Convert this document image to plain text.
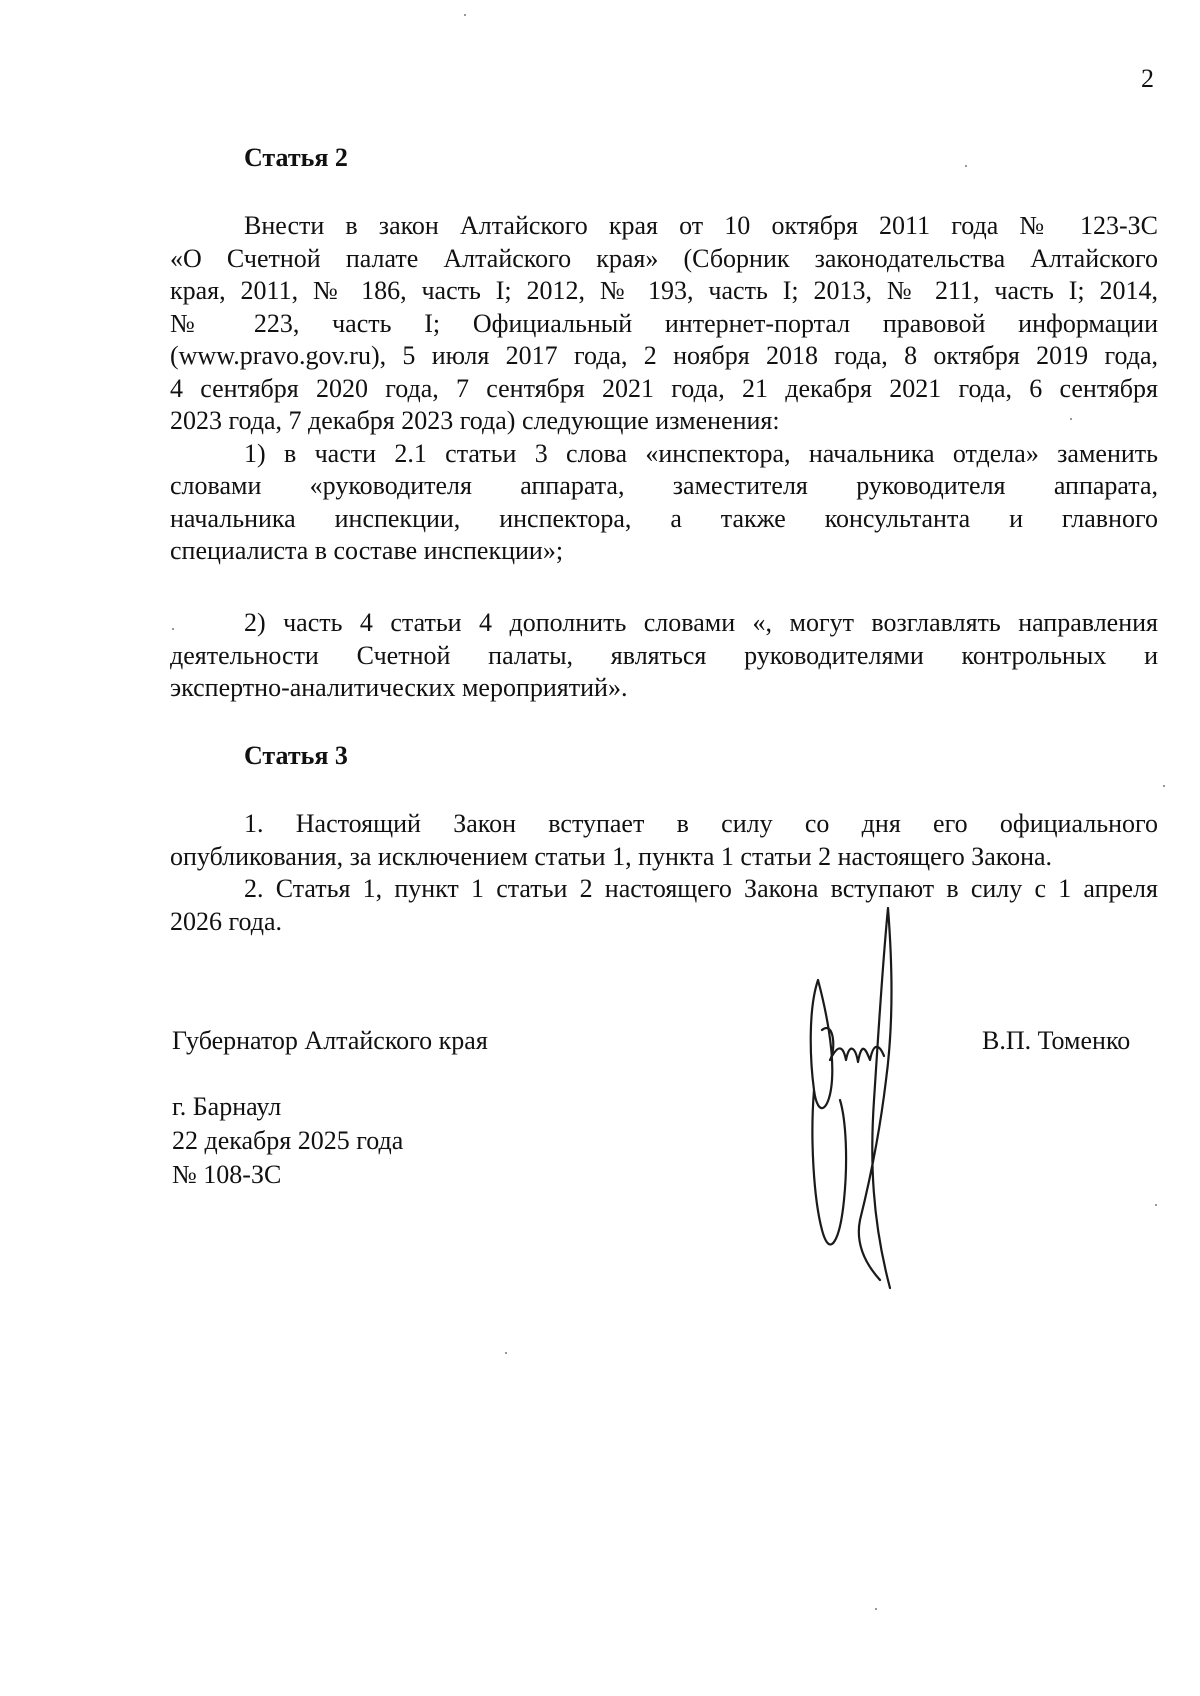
2
Статья 2
Внести в закон Алтайского края от 10 октября 2011 года № 123-ЗС
«О Счетной палате Алтайского края» (Сборник законодательства Алтайского
края, 2011, № 186, часть I; 2012, № 193, часть I; 2013, № 211, часть I; 2014,
№ 223, часть I; Официальный интернет-портал правовой информации
(www.pravo.gov.ru), 5 июля 2017 года, 2 ноября 2018 года, 8 октября 2019 года,
4 сентября 2020 года, 7 сентября 2021 года, 21 декабря 2021 года, 6 сентября
2023 года, 7 декабря 2023 года) следующие изменения:
1) в части 2.1 статьи 3 слова «инспектора, начальника отдела» заменить
словами «руководителя аппарата, заместителя руководителя аппарата,
начальника инспекции, инспектора, а также консультанта и главного
специалиста в составе инспекции»;
2) часть 4 статьи 4 дополнить словами «, могут возглавлять направления
деятельности Счетной палаты, являться руководителями контрольных и
экспертно-аналитических мероприятий».
Статья 3
1. Настоящий Закон вступает в силу со дня его официального
опубликования, за исключением статьи 1, пункта 1 статьи 2 настоящего Закона.
2. Статья 1, пункт 1 статьи 2 настоящего Закона вступают в силу с 1 апреля
2026 года.
Губернатор Алтайского края	В.П. Томенко
г. Барнаул
22 декабря 2025 года
№ 108-ЗС
